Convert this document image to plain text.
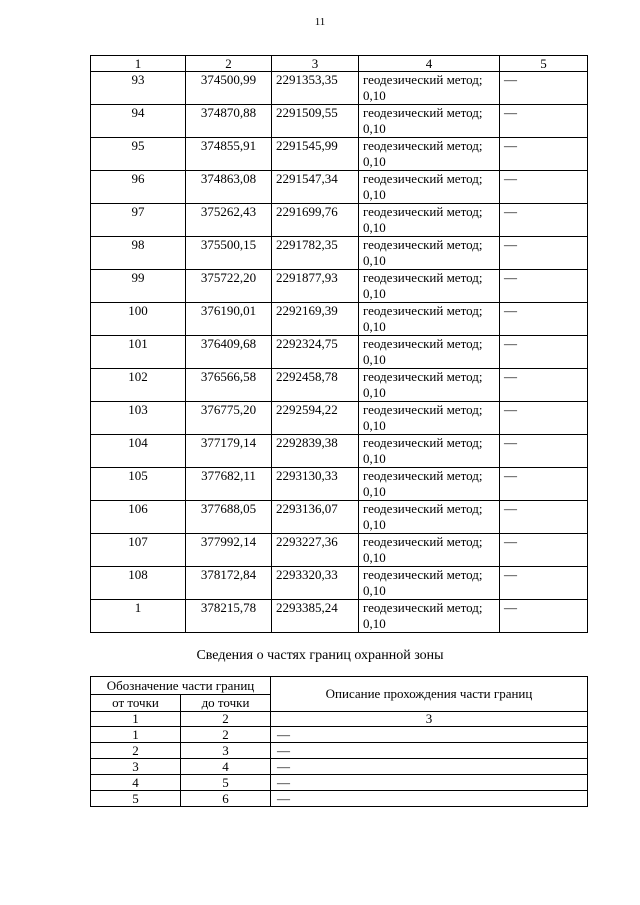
11
1	2	3	4	5
93	374500,99	2291353,35	геодезический метод; 0,10	—
94	374870,88	2291509,55	геодезический метод; 0,10	—
95	374855,91	2291545,99	геодезический метод; 0,10	—
96	374863,08	2291547,34	геодезический метод; 0,10	—
97	375262,43	2291699,76	геодезический метод; 0,10	—
98	375500,15	2291782,35	геодезический метод; 0,10	—
99	375722,20	2291877,93	геодезический метод; 0,10	—
100	376190,01	2292169,39	геодезический метод; 0,10	—
101	376409,68	2292324,75	геодезический метод; 0,10	—
102	376566,58	2292458,78	геодезический метод; 0,10	—
103	376775,20	2292594,22	геодезический метод; 0,10	—
104	377179,14	2292839,38	геодезический метод; 0,10	—
105	377682,11	2293130,33	геодезический метод; 0,10	—
106	377688,05	2293136,07	геодезический метод; 0,10	—
107	377992,14	2293227,36	геодезический метод; 0,10	—
108	378172,84	2293320,33	геодезический метод; 0,10	—
1	378215,78	2293385,24	геодезический метод; 0,10	—
Сведения о частях границ охранной зоны
Обозначение части границ		Описание прохождения части границ
от точки	до точки	
1	2	3
1	2	—
2	3	—
3	4	—
4	5	—
5	6	—
